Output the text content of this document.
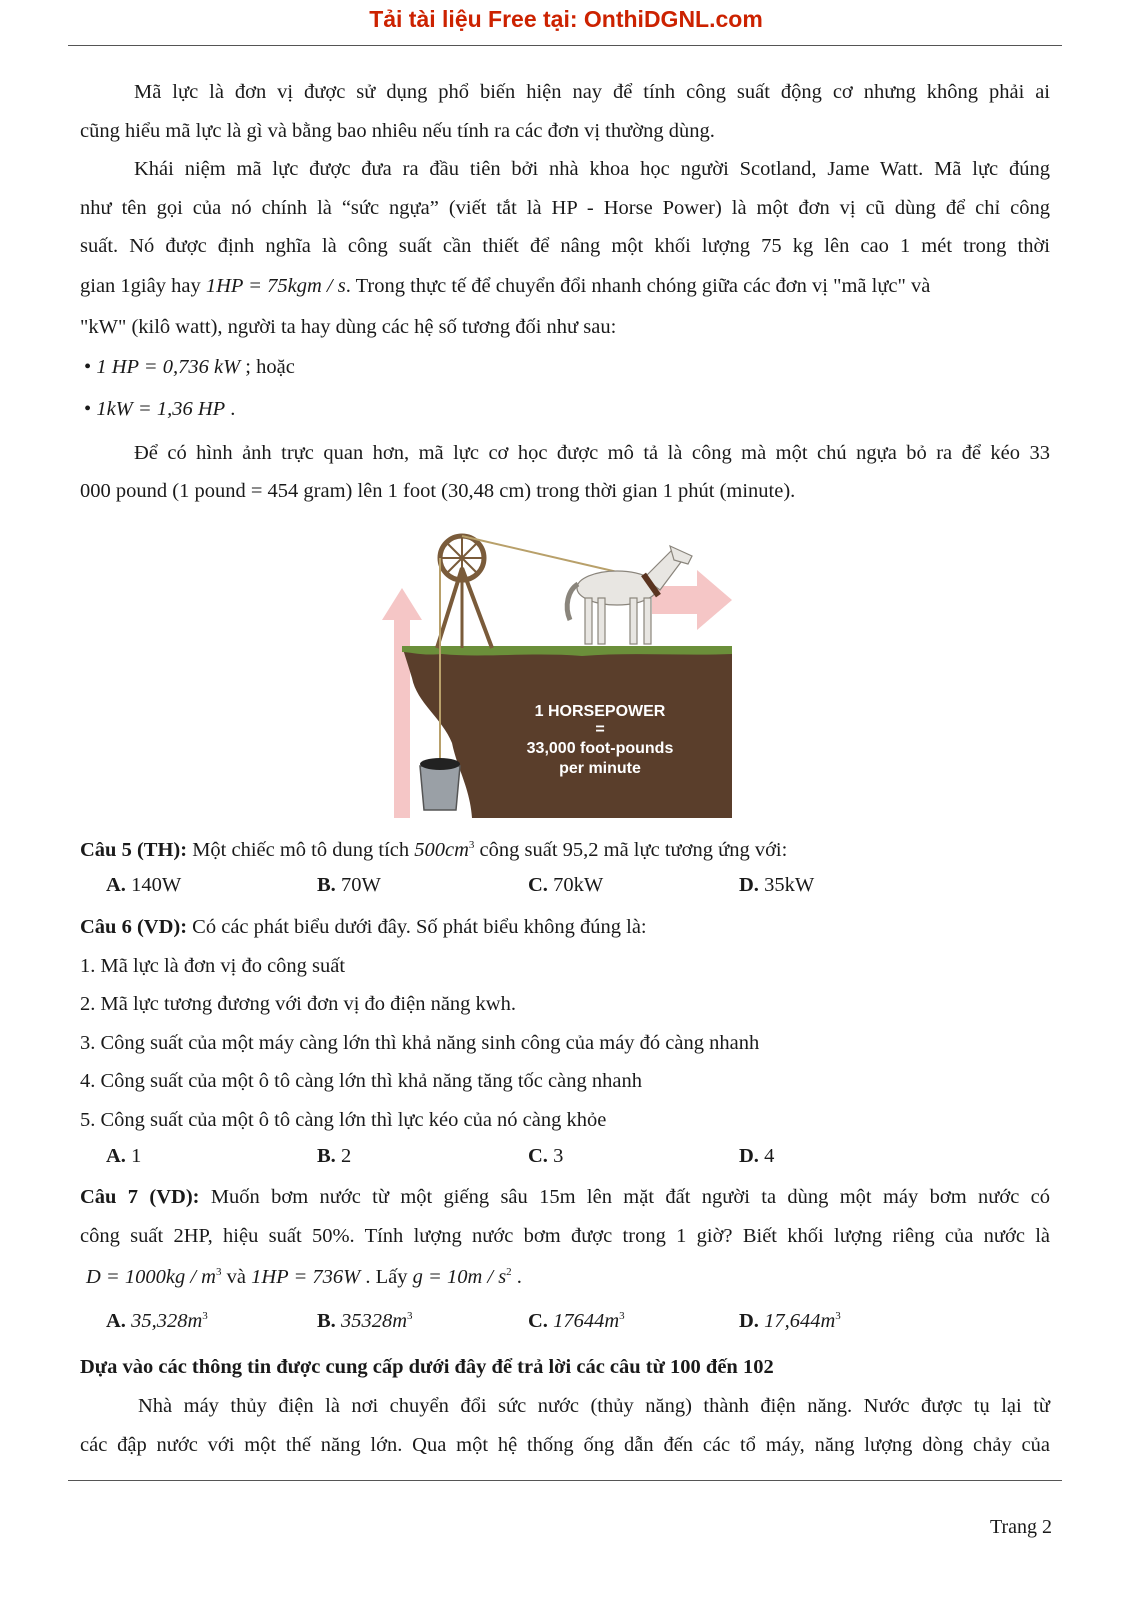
Tải tài liệu Free tại: OnthiDGNL.com
Mã lực là đơn vị được sử dụng phổ biến hiện nay để tính công suất động cơ nhưng không phải ai
cũng hiểu mã lực là gì và bằng bao nhiêu nếu tính ra các đơn vị thường dùng.
Khái niệm mã lực được đưa ra đầu tiên bởi nhà khoa học người Scotland, Jame Watt. Mã lực đúng
như tên gọi của nó chính là “sức ngựa” (viết tắt là HP - Horse Power) là một đơn vị cũ dùng để chỉ công
suất. Nó được định nghĩa là công suất cần thiết để nâng một khối lượng 75 kg lên cao 1 mét trong thời
gian 1giây hay 1HP = 75kgm / s. Trong thực tế để chuyển đổi nhanh chóng giữa các đơn vị "mã lực" và
"kW" (kilô watt), người ta hay dùng các hệ số tương đối như sau:
• 1 HP = 0,736 kW ; hoặc
• 1kW = 1,36 HP .
Để có hình ảnh trực quan hơn, mã lực cơ học được mô tả là công mà một chú ngựa bỏ ra để kéo 33
000 pound (1 pound = 454 gram) lên 1 foot (30,48 cm) trong thời gian 1 phút (minute).
1 HORSEPOWER
=
33,000 foot-pounds
per minute
Câu 5 (TH): Một chiếc mô tô dung tích $500cm^3$ công suất 95,2 mã lực tương ứng với:
A. 140W	B. 70W	C. 70kW	D. 35kW
Câu 6 (VD): Có các phát biểu dưới đây. Số phát biểu không đúng là:
1. Mã lực là đơn vị đo công suất
2. Mã lực tương đương với đơn vị đo điện năng kwh.
3. Công suất của một máy càng lớn thì khả năng sinh công của máy đó càng nhanh
4. Công suất của một ô tô càng lớn thì khả năng tăng tốc càng nhanh
5. Công suất của một ô tô càng lớn thì lực kéo của nó càng khỏe
A. 1	B. 2	C. 3	D. 4
Câu 7 (VD): Muốn bơm nước từ một giếng sâu 15m lên mặt đất người ta dùng một máy bơm nước có
công suất 2HP, hiệu suất 50%. Tính lượng nước bơm được trong 1 giờ? Biết khối lượng riêng của nước là
$D = 1000kg / m^3$ và 1HP = 736W . Lấy $g = 10m / s^2$ .
A. $35,328m^3$	B. $35328m^3$	C. $17644m^3$	D. $17,644m^3$
Dựa vào các thông tin được cung cấp dưới đây để trả lời các câu từ 100 đến 102
Nhà máy thủy điện là nơi chuyển đổi sức nước (thủy năng) thành điện năng. Nước được tụ lại từ
các đập nước với một thế năng lớn. Qua một hệ thống ống dẫn đến các tổ máy, năng lượng dòng chảy của
Trang 2
